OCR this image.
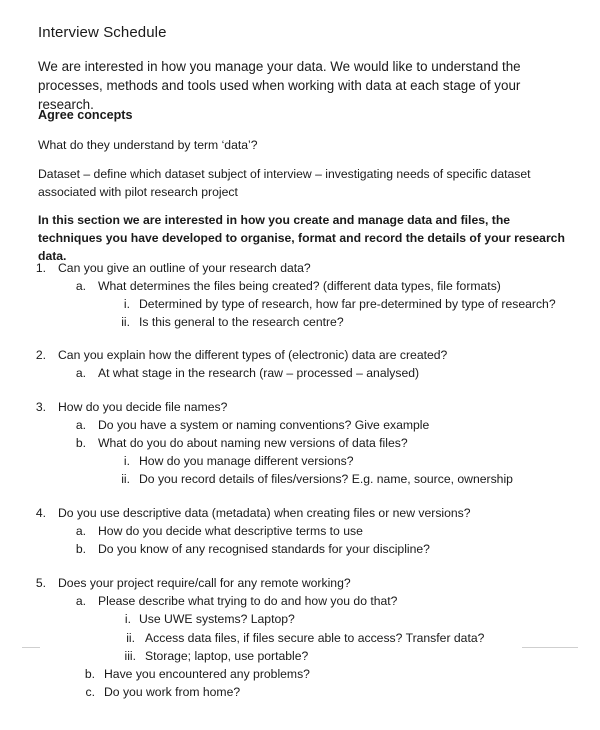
Interview Schedule
We are interested in how you manage your data. We would like to understand the processes, methods and tools used when working with data at each stage of your research.
Agree concepts
What do they understand by term ‘data’?
Dataset – define which dataset subject of interview – investigating needs of specific dataset associated with pilot research project
In this section we are interested in how you create and manage data and files, the techniques you have developed to organise, format and record the details of your research data.
1. Can you give an outline of your research data?
a. What determines the files being created? (different data types, file formats)
i. Determined by type of research, how far pre-determined by type of research?
ii. Is this general to the research centre?
2. Can you explain how the different types of (electronic) data are created?
a. At what stage in the research (raw – processed – analysed)
3. How do you decide file names?
a. Do you have a system or naming conventions? Give example
b. What do you do about naming new versions of data files?
i. How do you manage different versions?
ii. Do you record details of files/versions? E.g. name, source, ownership
4. Do you use descriptive data (metadata) when creating files or new versions?
a. How do you decide what descriptive terms to use
b. Do you know of any recognised standards for your discipline?
5. Does your project require/call for any remote working?
a. Please describe what trying to do and how you do that?
i. Use UWE systems? Laptop?
ii. Access data files, if files secure able to access? Transfer data?
iii. Storage; laptop, use portable?
b. Have you encountered any problems?
c. Do you work from home?
